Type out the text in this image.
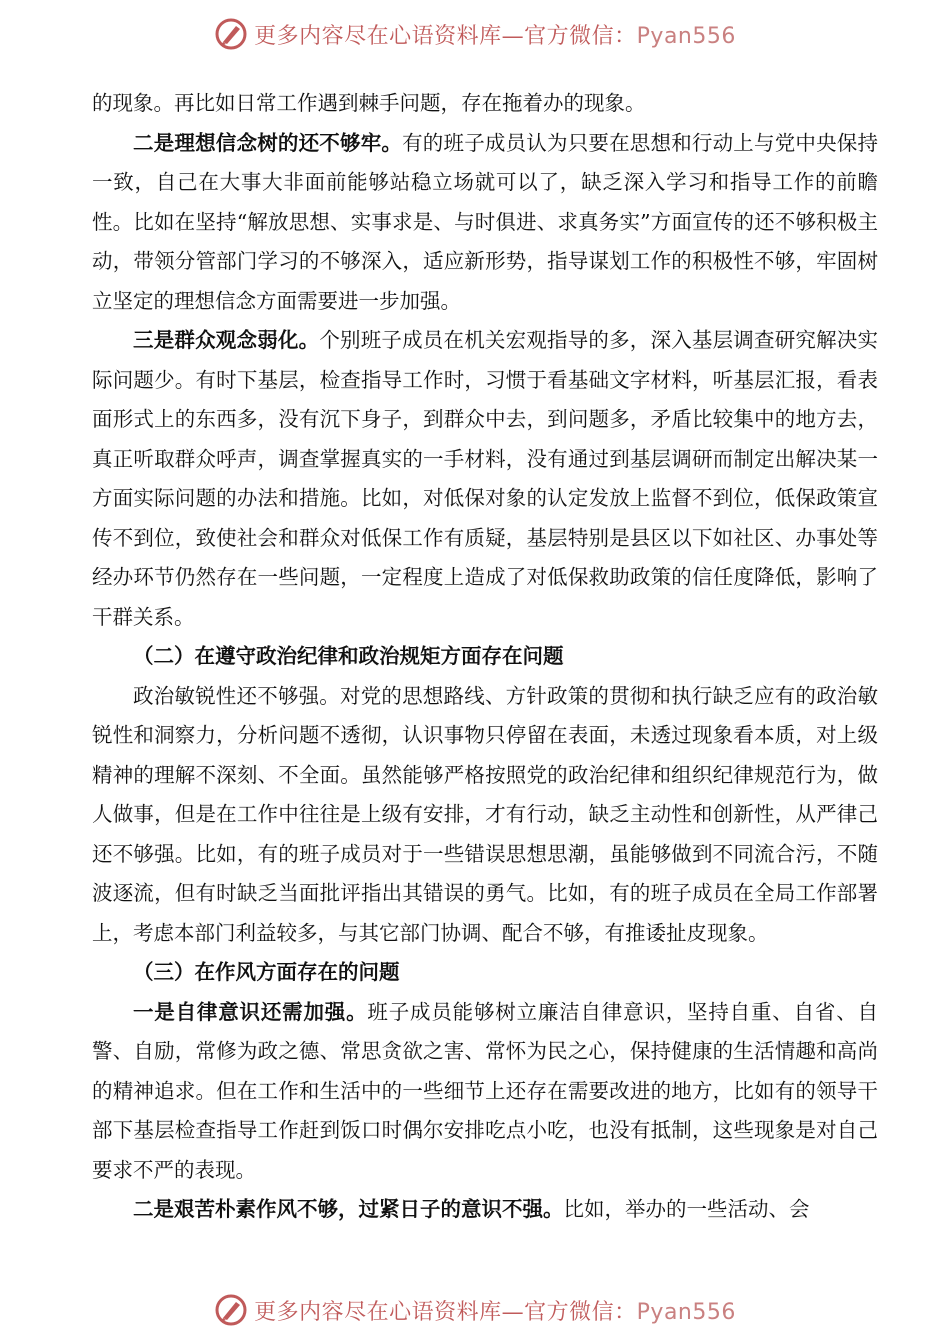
更多内容尽在心语资料库—官方微信：Pyan556

的现象。再比如日常工作遇到棘手问题，存在拖着办的现象。

二是理想信念树的还不够牢。有的班子成员认为只要在思想和行动上与党中央保持一致，自己在大事大非面前能够站稳立场就可以了，缺乏深入学习和指导工作的前瞻性。比如在坚持“解放思想、实事求是、与时俱进、求真务实”方面宣传的还不够积极主动，带领分管部门学习的不够深入，适应新形势，指导谋划工作的积极性不够，牢固树立坚定的理想信念方面需要进一步加强。

三是群众观念弱化。个别班子成员在机关宏观指导的多，深入基层调查研究解决实际问题少。有时下基层，检查指导工作时，习惯于看基础文字材料，听基层汇报，看表面形式上的东西多，没有沉下身子，到群众中去，到问题多，矛盾比较集中的地方去，真正听取群众呼声，调查掌握真实的一手材料，没有通过到基层调研而制定出解决某一方面实际问题的办法和措施。比如，对低保对象的认定发放上监督不到位，低保政策宣传不到位，致使社会和群众对低保工作有质疑，基层特别是县区以下如社区、办事处等经办环节仍然存在一些问题，一定程度上造成了对低保救助政策的信任度降低，影响了干群关系。

（二）在遵守政治纪律和政治规矩方面存在问题

政治敏锐性还不够强。对党的思想路线、方针政策的贯彻和执行缺乏应有的政治敏锐性和洞察力，分析问题不透彻，认识事物只停留在表面，未透过现象看本质，对上级精神的理解不深刻、不全面。虽然能够严格按照党的政治纪律和组织纪律规范行为，做人做事，但是在工作中往往是上级有安排，才有行动，缺乏主动性和创新性，从严律己还不够强。比如，有的班子成员对于一些错误思想思潮，虽能够做到不同流合污，不随波逐流，但有时缺乏当面批评指出其错误的勇气。比如，有的班子成员在全局工作部署上，考虑本部门利益较多，与其它部门协调、配合不够，有推诿扯皮现象。

（三）在作风方面存在的问题

一是自律意识还需加强。班子成员能够树立廉洁自律意识，坚持自重、自省、自警、自励，常修为政之德、常思贪欲之害、常怀为民之心，保持健康的生活情趣和高尚的精神追求。但在工作和生活中的一些细节上还存在需要改进的地方，比如有的领导干部下基层检查指导工作赶到饭口时偶尔安排吃点小吃，也没有抵制，这些现象是对自己要求不严的表现。

二是艰苦朴素作风不够，过紧日子的意识不强。比如，举办的一些活动、会

更多内容尽在心语资料库—官方微信：Pyan556
